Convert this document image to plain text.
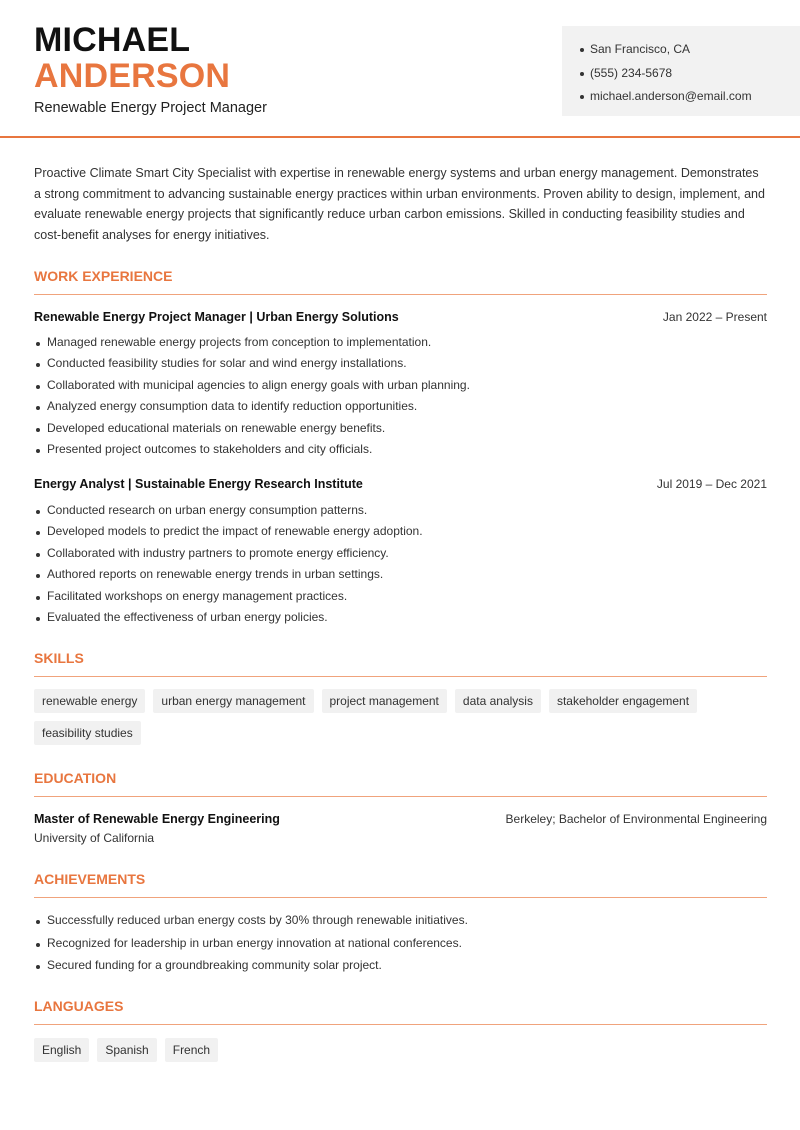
MICHAEL
ANDERSON
Renewable Energy Project Manager
San Francisco, CA
(555) 234-5678
michael.anderson@email.com
Proactive Climate Smart City Specialist with expertise in renewable energy systems and urban energy management. Demonstrates a strong commitment to advancing sustainable energy practices within urban environments. Proven ability to design, implement, and evaluate renewable energy projects that significantly reduce urban carbon emissions. Skilled in conducting feasibility studies and cost-benefit analyses for energy initiatives.
WORK EXPERIENCE
Renewable Energy Project Manager | Urban Energy Solutions	Jan 2022 – Present
Managed renewable energy projects from conception to implementation.
Conducted feasibility studies for solar and wind energy installations.
Collaborated with municipal agencies to align energy goals with urban planning.
Analyzed energy consumption data to identify reduction opportunities.
Developed educational materials on renewable energy benefits.
Presented project outcomes to stakeholders and city officials.
Energy Analyst | Sustainable Energy Research Institute	Jul 2019 – Dec 2021
Conducted research on urban energy consumption patterns.
Developed models to predict the impact of renewable energy adoption.
Collaborated with industry partners to promote energy efficiency.
Authored reports on renewable energy trends in urban settings.
Facilitated workshops on energy management practices.
Evaluated the effectiveness of urban energy policies.
SKILLS
renewable energy	urban energy management	project management	data analysis	stakeholder engagement
feasibility studies
EDUCATION
Master of Renewable Energy Engineering	Berkeley; Bachelor of Environmental Engineering
University of California
ACHIEVEMENTS
Successfully reduced urban energy costs by 30% through renewable initiatives.
Recognized for leadership in urban energy innovation at national conferences.
Secured funding for a groundbreaking community solar project.
LANGUAGES
English	Spanish	French
